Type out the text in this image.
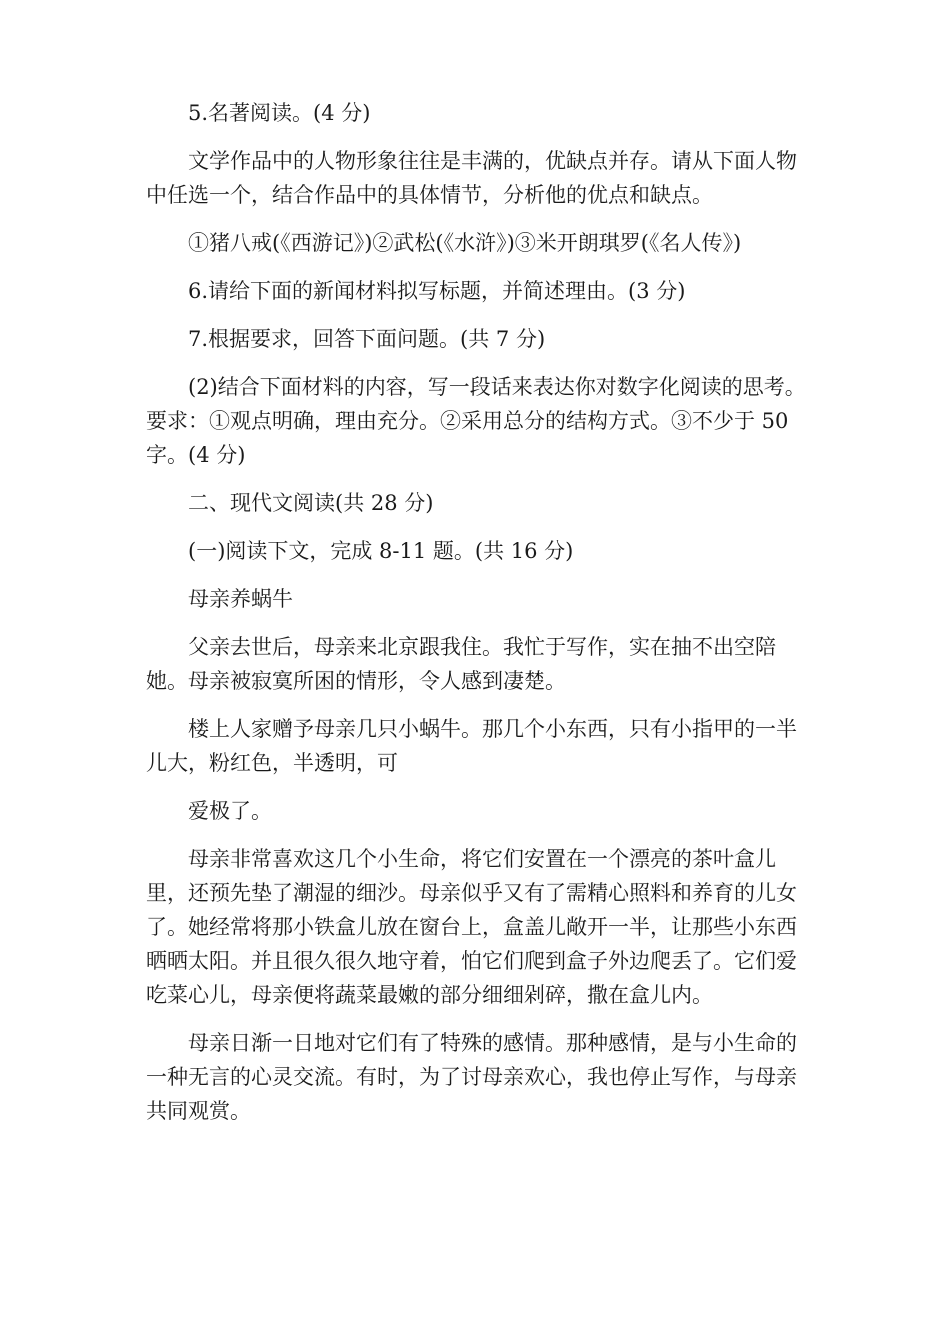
5.名著阅读。(4 分)

文学作品中的人物形象往往是丰满的，优缺点并存。请从下面人物中任选一个，结合作品中的具体情节，分析他的优点和缺点。

①猪八戒(《西游记》)②武松(《水浒》)③米开朗琪罗(《名人传》)

6.请给下面的新闻材料拟写标题，并简述理由。(3 分)

7.根据要求，回答下面问题。(共 7 分)

(2)结合下面材料的内容，写一段话来表达你对数字化阅读的思考。要求：①观点明确，理由充分。②采用总分的结构方式。③不少于 50 字。(4 分)

二、现代文阅读(共 28 分)

(一)阅读下文，完成 8-11 题。(共 16 分)

母亲养蜗牛

父亲去世后，母亲来北京跟我住。我忙于写作，实在抽不出空陪她。母亲被寂寞所困的情形，令人感到凄楚。

楼上人家赠予母亲几只小蜗牛。那几个小东西，只有小指甲的一半儿大，粉红色，半透明，可

爱极了。

母亲非常喜欢这几个小生命，将它们安置在一个漂亮的茶叶盒儿里，还预先垫了潮湿的细沙。母亲似乎又有了需精心照料和养育的儿女了。她经常将那小铁盒儿放在窗台上，盒盖儿敞开一半，让那些小东西晒晒太阳。并且很久很久地守着，怕它们爬到盒子外边爬丢了。它们爱吃菜心儿，母亲便将蔬菜最嫩的部分细细剁碎，撒在盒儿内。

母亲日渐一日地对它们有了特殊的感情。那种感情，是与小生命的一种无言的心灵交流。有时，为了讨母亲欢心，我也停止写作，与母亲共同观赏。
